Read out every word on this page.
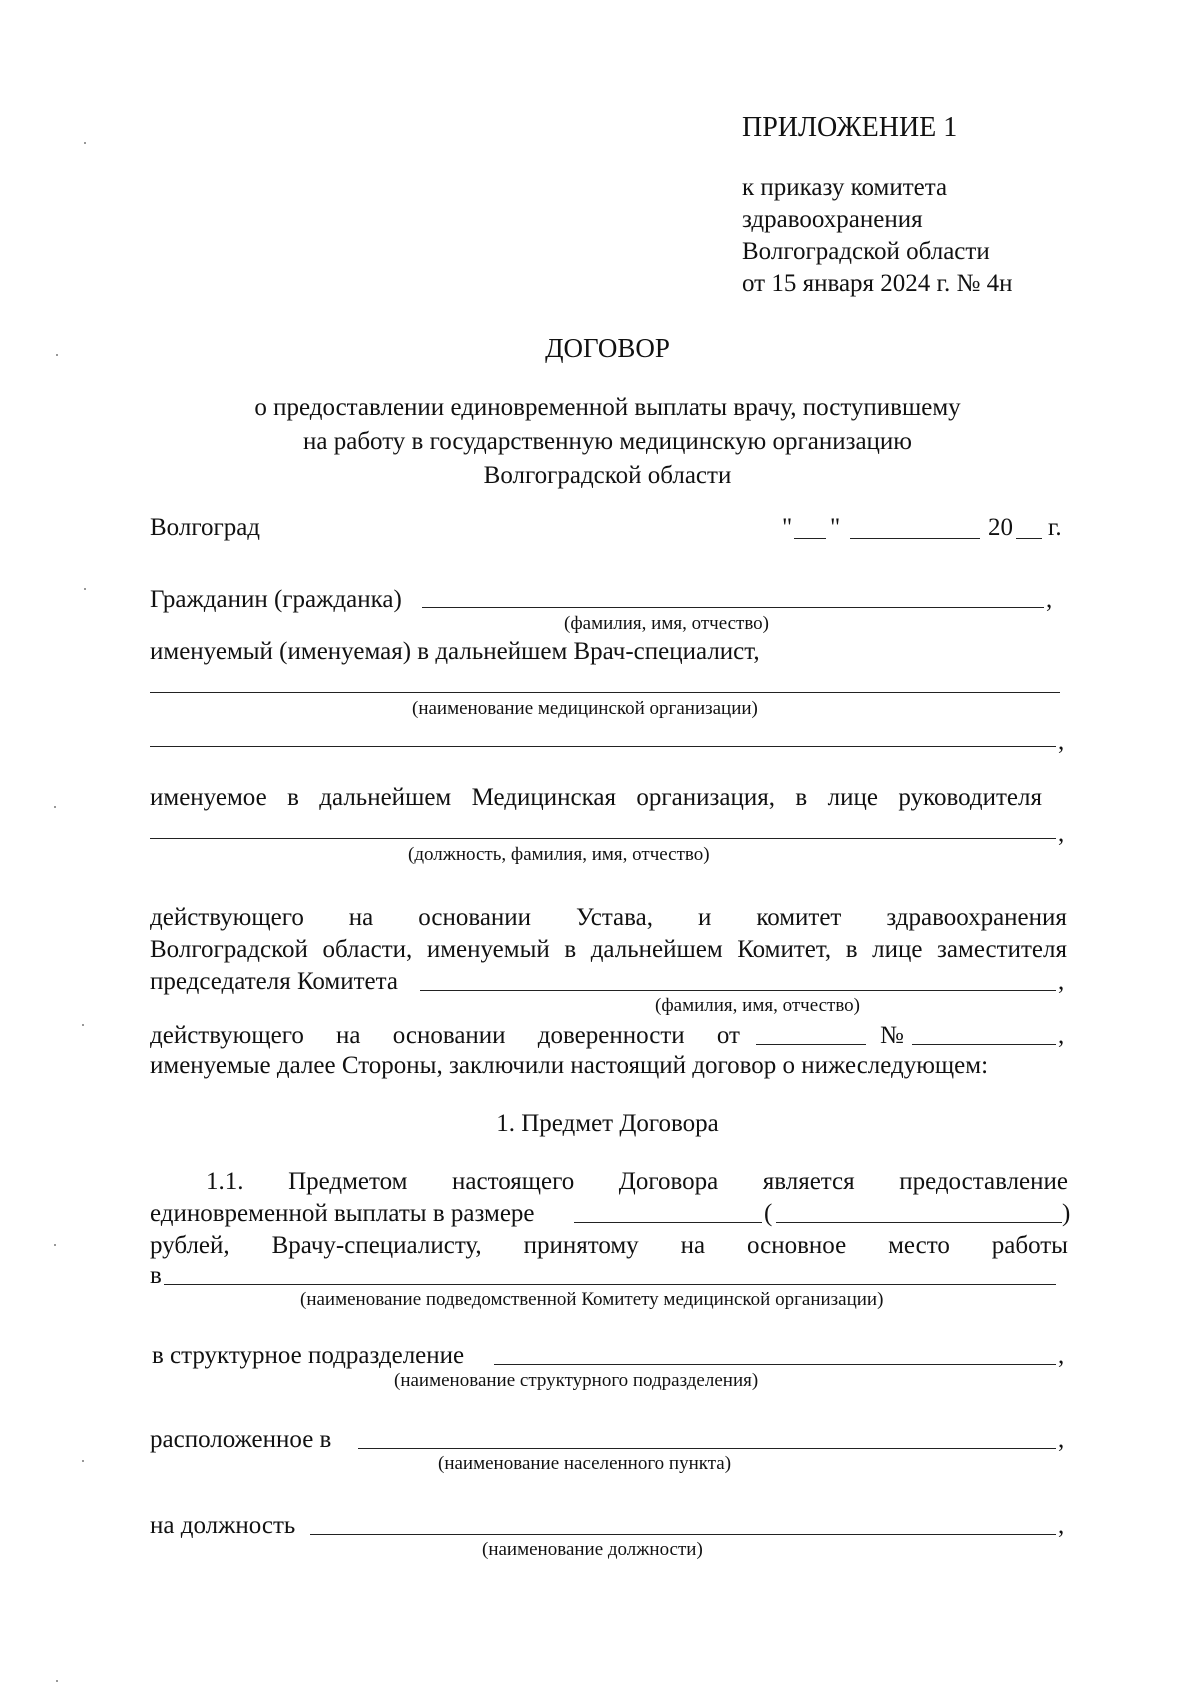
ПРИЛОЖЕНИЕ 1
к приказу комитета
здравоохранения
Волгоградской области
от 15 января 2024 г. № 4н
ДОГОВОР
о предоставлении единовременной выплаты врачу, поступившему
на работу в государственную медицинскую организацию
Волгоградской области
Волгоград	" "	20 г.
Гражданин (гражданка)	,
(фамилия, имя, отчество)
именуемый (именуемая) в дальнейшем Врач-специалист,
(наименование медицинской организации)
,
именуемое в дальнейшем Медицинская организация, в лице руководителя
,
(должность, фамилия, имя, отчество)
действующего на основании Устава, и комитет здравоохранения
Волгоградской области, именуемый в дальнейшем Комитет, в лице заместителя
председателя Комитета	,
(фамилия, имя, отчество)
действующего на основании доверенности от	№	,
именуемые далее Стороны, заключили настоящий договор о нижеследующем:
1. Предмет Договора
1.1. Предметом настоящего Договора является предоставление
единовременной выплаты в размере	(	)
рублей, Врачу-специалисту, принятому на основное место работы
в
(наименование подведомственной Комитету медицинской организации)
в структурное подразделение	,
(наименование структурного подразделения)
расположенное в	,
(наименование населенного пункта)
на должность	,
(наименование должности)
